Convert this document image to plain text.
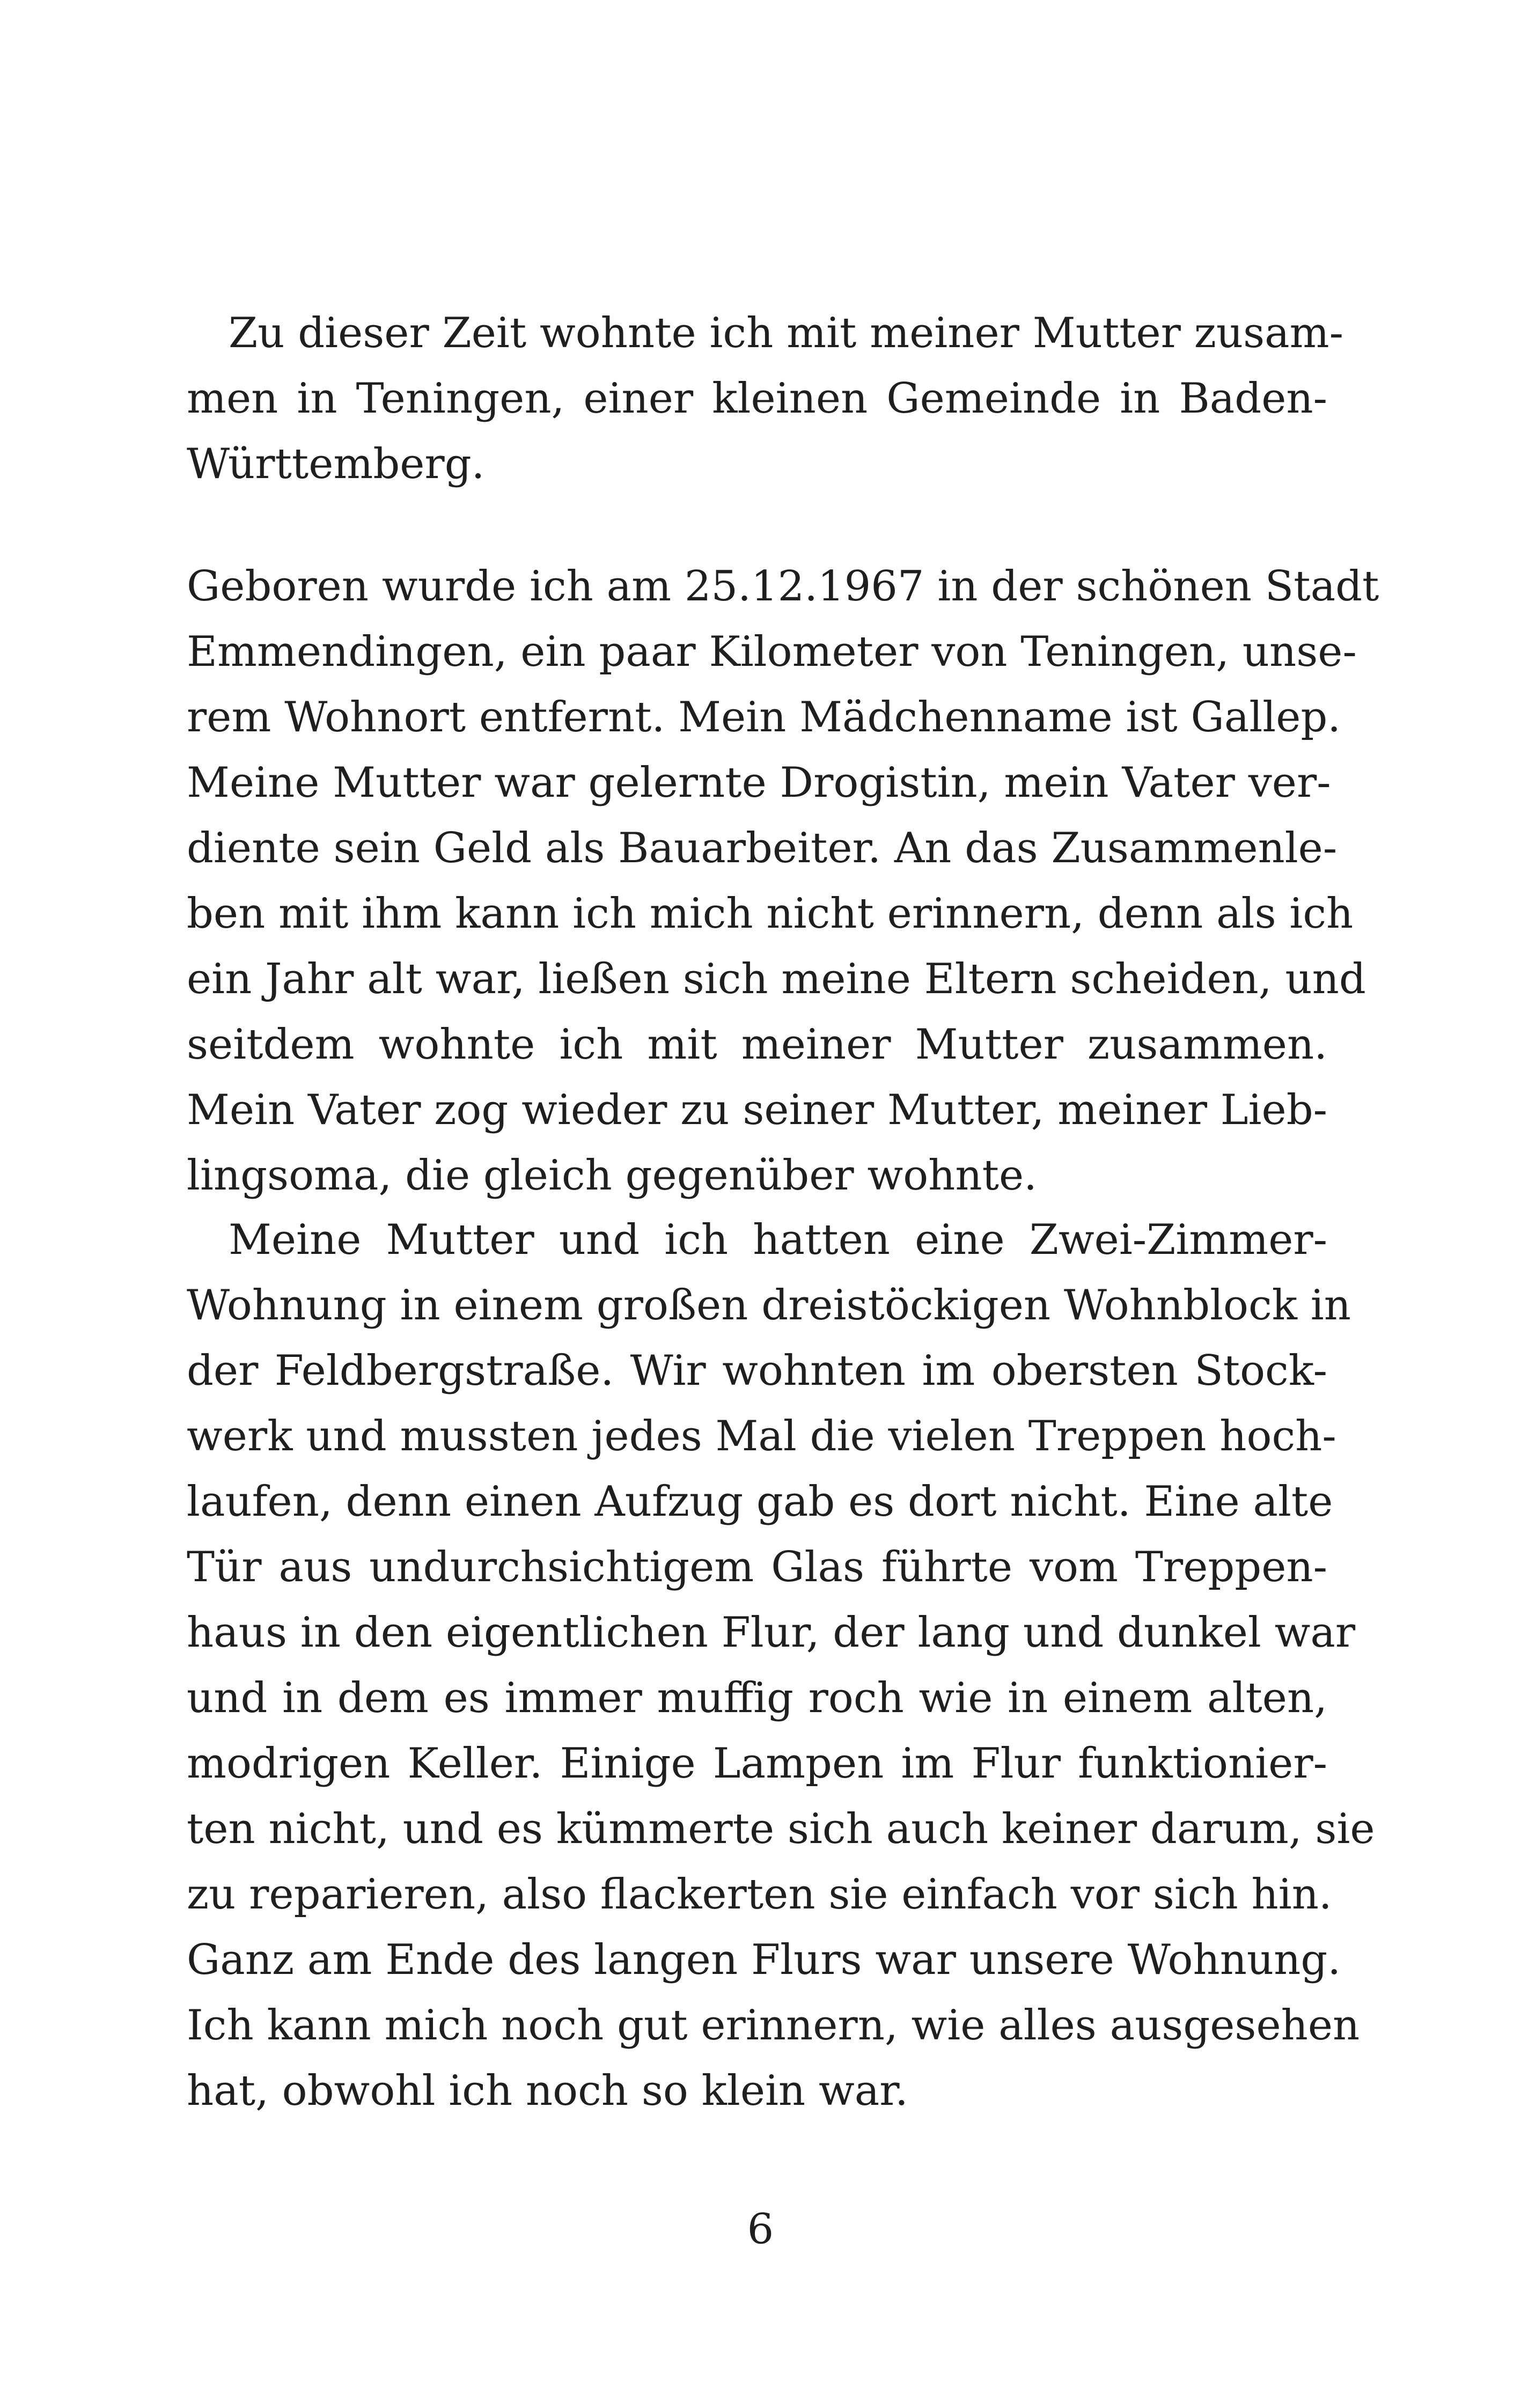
Zu dieser Zeit wohnte ich mit meiner Mutter zusam-
men in Teningen, einer kleinen Gemeinde in Baden-
Württemberg.
Geboren wurde ich am 25.12.1967 in der schönen Stadt
Emmendingen, ein paar Kilometer von Teningen, unse-
rem Wohnort entfernt. Mein Mädchenname ist Gallep.
Meine Mutter war gelernte Drogistin, mein Vater ver-
diente sein Geld als Bauarbeiter. An das Zusammenle-
ben mit ihm kann ich mich nicht erinnern, denn als ich
ein Jahr alt war, ließen sich meine Eltern scheiden, und
seitdem wohnte ich mit meiner Mutter zusammen.
Mein Vater zog wieder zu seiner Mutter, meiner Lieb-
lingsoma, die gleich gegenüber wohnte.
Meine Mutter und ich hatten eine Zwei-Zimmer-
Wohnung in einem großen dreistöckigen Wohnblock in
der Feldbergstraße. Wir wohnten im obersten Stock-
werk und mussten jedes Mal die vielen Treppen hoch-
laufen, denn einen Aufzug gab es dort nicht. Eine alte
Tür aus undurchsichtigem Glas führte vom Treppen-
haus in den eigentlichen Flur, der lang und dunkel war
und in dem es immer muffig roch wie in einem alten,
modrigen Keller. Einige Lampen im Flur funktionier-
ten nicht, und es kümmerte sich auch keiner darum, sie
zu reparieren, also flackerten sie einfach vor sich hin.
Ganz am Ende des langen Flurs war unsere Wohnung.
Ich kann mich noch gut erinnern, wie alles ausgesehen
hat, obwohl ich noch so klein war.
6
